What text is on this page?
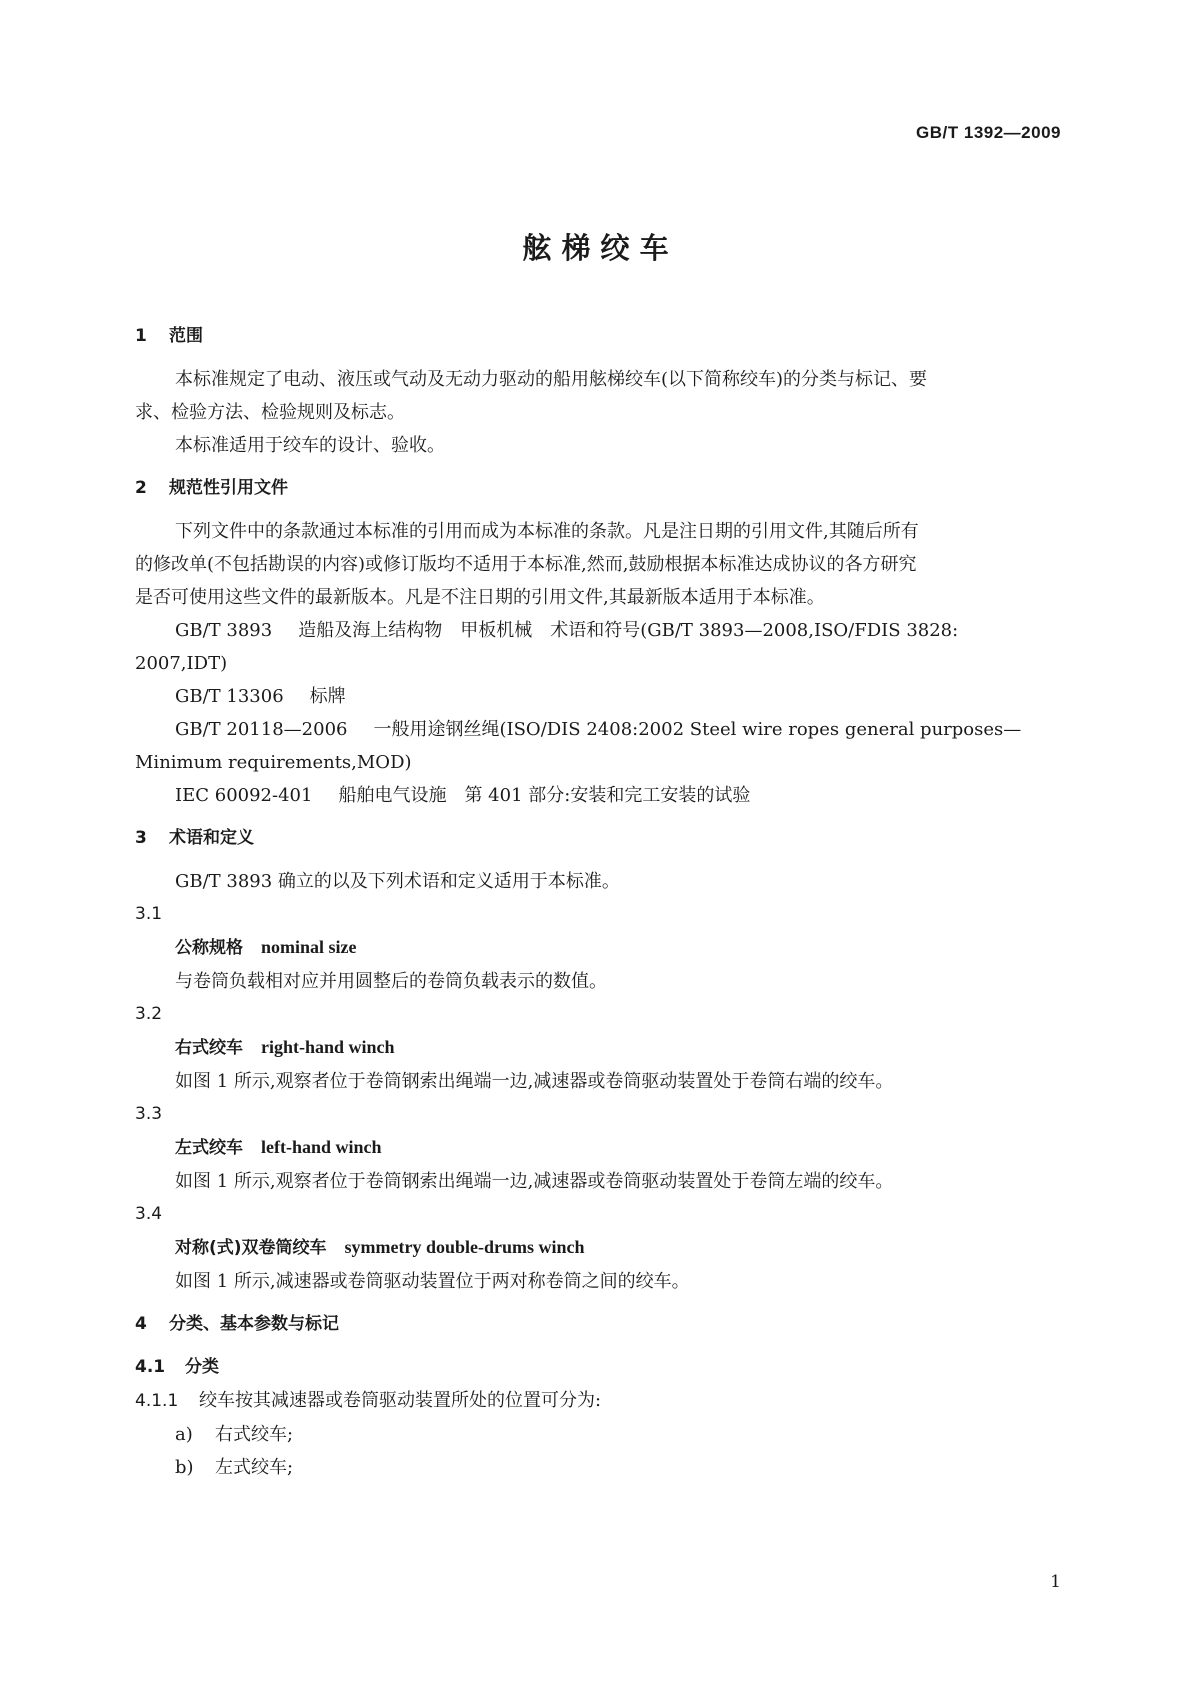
GB/T 1392—2009
舷 梯 绞 车
1 范围
本标准规定了电动、液压或气动及无动力驱动的船用舷梯绞车(以下简称绞车)的分类与标记、要
求、检验方法、检验规则及标志。
本标准适用于绞车的设计、验收。
2 规范性引用文件
下列文件中的条款通过本标准的引用而成为本标准的条款。凡是注日期的引用文件,其随后所有
的修改单(不包括勘误的内容)或修订版均不适用于本标准,然而,鼓励根据本标准达成协议的各方研究
是否可使用这些文件的最新版本。凡是不注日期的引用文件,其最新版本适用于本标准。
GB/T 3893 造船及海上结构物　甲板机械　术语和符号(GB/T 3893—2008,ISO/FDIS 3828:
2007,IDT)
GB/T 13306 标牌
GB/T 20118—2006 一般用途钢丝绳(ISO/DIS 2408:2002 Steel wire ropes general purposes—
Minimum requirements,MOD)
IEC 60092-401 船舶电气设施　第 401 部分:安装和完工安装的试验
3 术语和定义
GB/T 3893 确立的以及下列术语和定义适用于本标准。
3.1
公称规格 nominal size
与卷筒负载相对应并用圆整后的卷筒负载表示的数值。
3.2
右式绞车 right-hand winch
如图 1 所示,观察者位于卷筒钢索出绳端一边,减速器或卷筒驱动装置处于卷筒右端的绞车。
3.3
左式绞车 left-hand winch
如图 1 所示,观察者位于卷筒钢索出绳端一边,减速器或卷筒驱动装置处于卷筒左端的绞车。
3.4
对称(式)双卷筒绞车 symmetry double-drums winch
如图 1 所示,减速器或卷筒驱动装置位于两对称卷筒之间的绞车。
4 分类、基本参数与标记
4.1 分类
4.1.1 绞车按其减速器或卷筒驱动装置所处的位置可分为:
a) 右式绞车;
b) 左式绞车;
1
